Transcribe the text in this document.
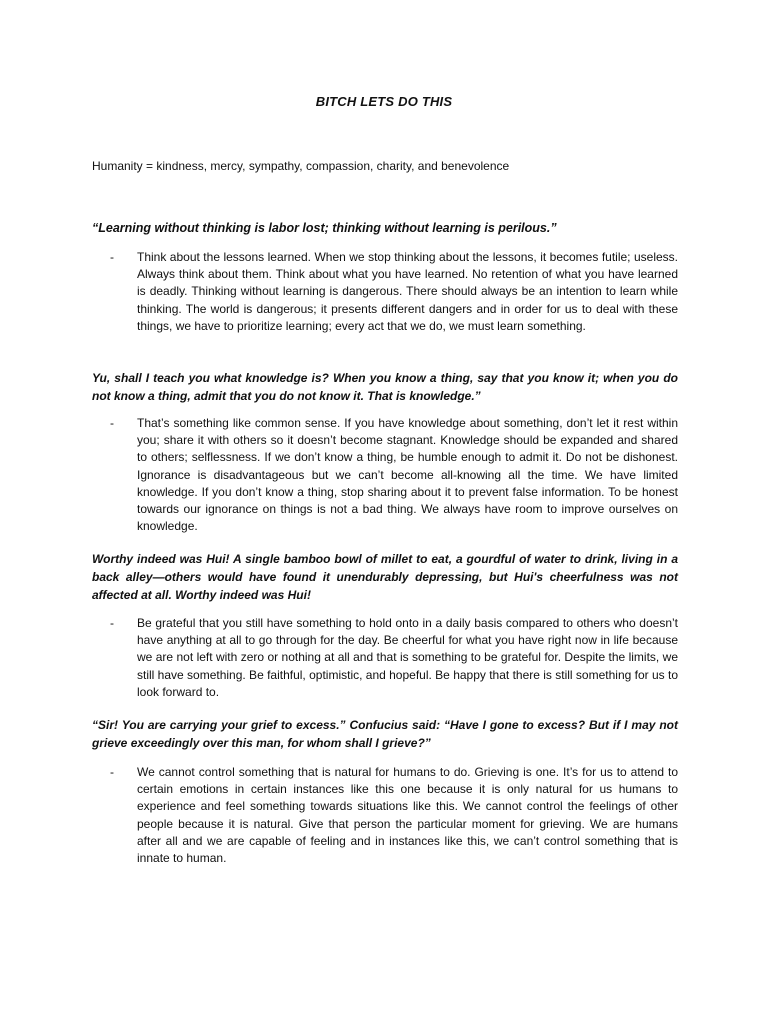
BITCH LETS DO THIS
Humanity = kindness, mercy, sympathy, compassion, charity, and benevolence
“Learning without thinking is labor lost; thinking without learning is perilous.”
- Think about the lessons learned. When we stop thinking about the lessons, it becomes futile; useless. Always think about them. Think about what you have learned. No retention of what you have learned is deadly. Thinking without learning is dangerous. There should always be an intention to learn while thinking. The world is dangerous; it presents different dangers and in order for us to deal with these things, we have to prioritize learning; every act that we do, we must learn something.
Yu, shall I teach you what knowledge is? When you know a thing, say that you know it; when you do not know a thing, admit that you do not know it. That is knowledge.”
- That’s something like common sense. If you have knowledge about something, don’t let it rest within you; share it with others so it doesn’t become stagnant. Knowledge should be expanded and shared to others; selflessness. If we don’t know a thing, be humble enough to admit it. Do not be dishonest. Ignorance is disadvantageous but we can’t become all-knowing all the time. We have limited knowledge. If you don’t know a thing, stop sharing about it to prevent false information. To be honest towards our ignorance on things is not a bad thing. We always have room to improve ourselves on knowledge.
Worthy indeed was Hui! A single bamboo bowl of millet to eat, a gourdful of water to drink, living in a back alley—others would have found it unendurably depressing, but Hui's cheerfulness was not affected at all. Worthy indeed was Hui!
- Be grateful that you still have something to hold onto in a daily basis compared to others who doesn’t have anything at all to go through for the day. Be cheerful for what you have right now in life because we are not left with zero or nothing at all and that is something to be grateful for. Despite the limits, we still have something. Be faithful, optimistic, and hopeful. Be happy that there is still something for us to look forward to.
“Sir! You are carrying your grief to excess.” Confucius said: “Have I gone to excess? But if I may not grieve exceedingly over this man, for whom shall I grieve?”
- We cannot control something that is natural for humans to do. Grieving is one. It’s for us to attend to certain emotions in certain instances like this one because it is only natural for us humans to experience and feel something towards situations like this. We cannot control the feelings of other people because it is natural. Give that person the particular moment for grieving. We are humans after all and we are capable of feeling and in instances like this, we can’t control something that is innate to human.
